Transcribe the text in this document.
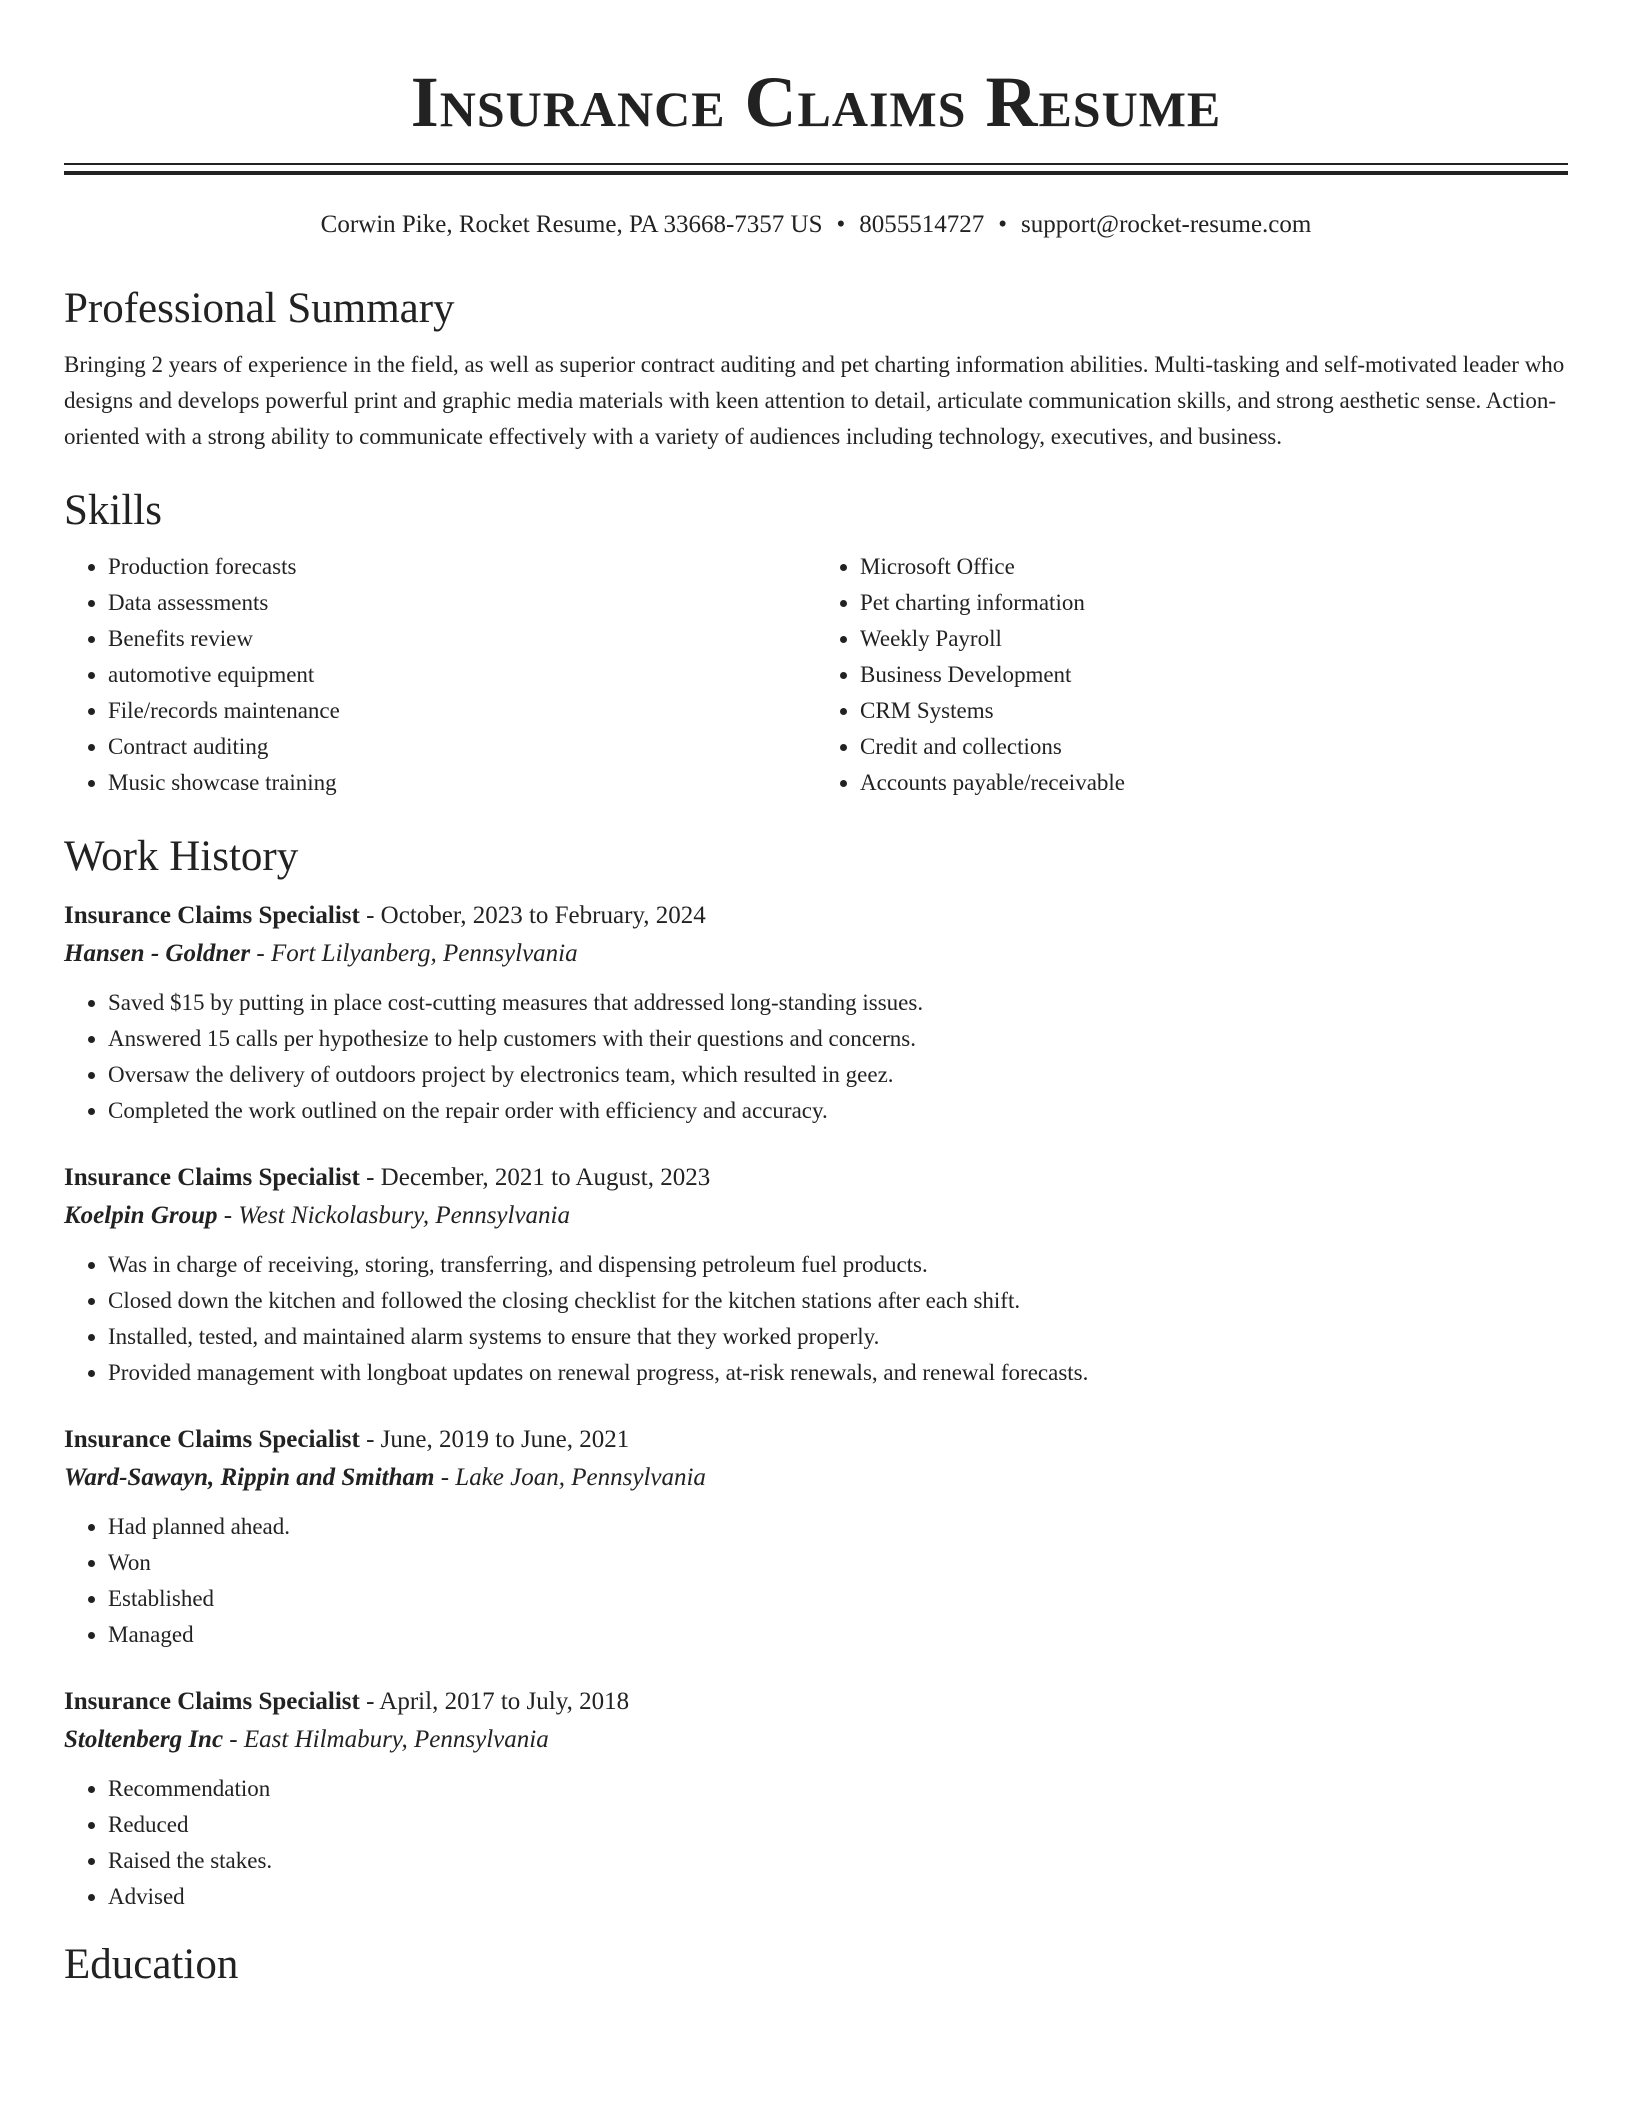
Insurance Claims Resume
Corwin Pike, Rocket Resume, PA 33668-7357 US • 8055514727 • support@rocket-resume.com
Professional Summary
Bringing 2 years of experience in the field, as well as superior contract auditing and pet charting information abilities. Multi-tasking and self-motivated leader who designs and develops powerful print and graphic media materials with keen attention to detail, articulate communication skills, and strong aesthetic sense. Action-oriented with a strong ability to communicate effectively with a variety of audiences including technology, executives, and business.
Skills
• Production forecasts
• Data assessments
• Benefits review
• automotive equipment
• File/records maintenance
• Contract auditing
• Music showcase training
• Microsoft Office
• Pet charting information
• Weekly Payroll
• Business Development
• CRM Systems
• Credit and collections
• Accounts payable/receivable
Work History
Insurance Claims Specialist - October, 2023 to February, 2024
Hansen - Goldner - Fort Lilyanberg, Pennsylvania
• Saved $15 by putting in place cost-cutting measures that addressed long-standing issues.
• Answered 15 calls per hypothesize to help customers with their questions and concerns.
• Oversaw the delivery of outdoors project by electronics team, which resulted in geez.
• Completed the work outlined on the repair order with efficiency and accuracy.
Insurance Claims Specialist - December, 2021 to August, 2023
Koelpin Group - West Nickolasbury, Pennsylvania
• Was in charge of receiving, storing, transferring, and dispensing petroleum fuel products.
• Closed down the kitchen and followed the closing checklist for the kitchen stations after each shift.
• Installed, tested, and maintained alarm systems to ensure that they worked properly.
• Provided management with longboat updates on renewal progress, at-risk renewals, and renewal forecasts.
Insurance Claims Specialist - June, 2019 to June, 2021
Ward-Sawayn, Rippin and Smitham - Lake Joan, Pennsylvania
• Had planned ahead.
• Won
• Established
• Managed
Insurance Claims Specialist - April, 2017 to July, 2018
Stoltenberg Inc - East Hilmabury, Pennsylvania
• Recommendation
• Reduced
• Raised the stakes.
• Advised
Education
